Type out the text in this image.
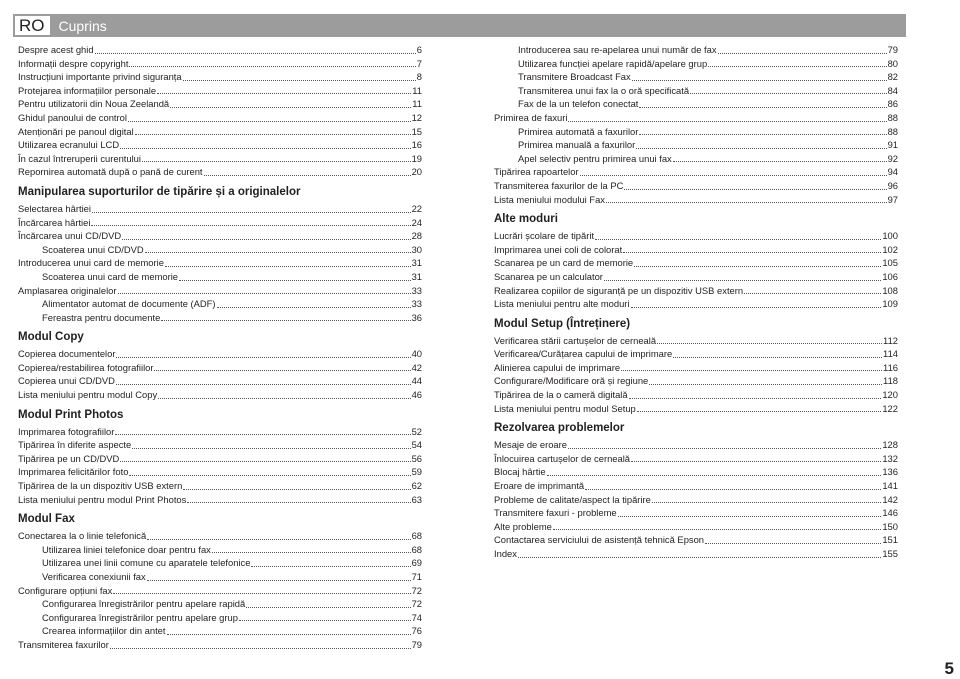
RO	Cuprins
Despre acest ghid	6
Informații despre copyright	7
Instrucțiuni importante privind siguranța	8
Protejarea informațiilor personale	11
Pentru utilizatorii din Noua Zeelandă	11
Ghidul panoului de control	12
Atenționări pe panoul digital	15
Utilizarea ecranului LCD	16
În cazul întreruperii curentului	19
Repornirea automată după o pană de curent	20
Manipularea suporturilor de tipărire și a originalelor
Selectarea hârtiei	22
Încărcarea hârtiei	24
Încărcarea unui CD/DVD	28
Scoaterea unui CD/DVD	30
Introducerea unui card de memorie	31
Scoaterea unui card de memorie	31
Amplasarea originalelor	33
Alimentator automat de documente (ADF)	33
Fereastra pentru documente	36
Modul Copy
Copierea documentelor	40
Copierea/restabilirea fotografiilor	42
Copierea unui CD/DVD	44
Lista meniului pentru modul Copy	46
Modul Print Photos
Imprimarea fotografiilor	52
Tipărirea în diferite aspecte	54
Tipărirea pe un CD/DVD	56
Imprimarea felicitărilor foto	59
Tipărirea de la un dispozitiv USB extern	62
Lista meniului pentru modul Print Photos	63
Modul Fax
Conectarea la o linie telefonică	68
Utilizarea liniei telefonice doar pentru fax	68
Utilizarea unei linii comune cu aparatele telefonice	69
Verificarea conexiunii fax	71
Configurare opțiuni fax	72
Configurarea înregistrărilor pentru apelare rapidă	72
Configurarea înregistrărilor pentru apelare grup	74
Crearea informațiilor din antet	76
Transmiterea faxurilor	79
Introducerea sau re-apelarea unui număr de fax	79
Utilizarea funcției apelare rapidă/apelare grup	80
Transmitere Broadcast Fax	82
Transmiterea unui fax la o oră specificată	84
Fax de la un telefon conectat	86
Primirea de faxuri	88
Primirea automată a faxurilor	88
Primirea manuală a faxurilor	91
Apel selectiv pentru primirea unui fax	92
Tipărirea rapoartelor	94
Transmiterea faxurilor de la PC	96
Lista meniului modului Fax	97
Alte moduri
Lucrări școlare de tipărit	100
Imprimarea unei coli de colorat	102
Scanarea pe un card de memorie	105
Scanarea pe un calculator	106
Realizarea copiilor de siguranță pe un dispozitiv USB extern	108
Lista meniului pentru alte moduri	109
Modul Setup (Întreținere)
Verificarea stării cartușelor de cerneală	112
Verificarea/Curățarea capului de imprimare	114
Alinierea capului de imprimare	116
Configurare/Modificare oră și regiune	118
Tipărirea de la o cameră digitală	120
Lista meniului pentru modul Setup	122
Rezolvarea problemelor
Mesaje de eroare	128
Înlocuirea cartușelor de cerneală	132
Blocaj hârtie	136
Eroare de imprimantă	141
Probleme de calitate/aspect la tipărire	142
Transmitere faxuri - probleme	146
Alte probleme	150
Contactarea serviciului de asistență tehnică Epson	151
Index	155
5
